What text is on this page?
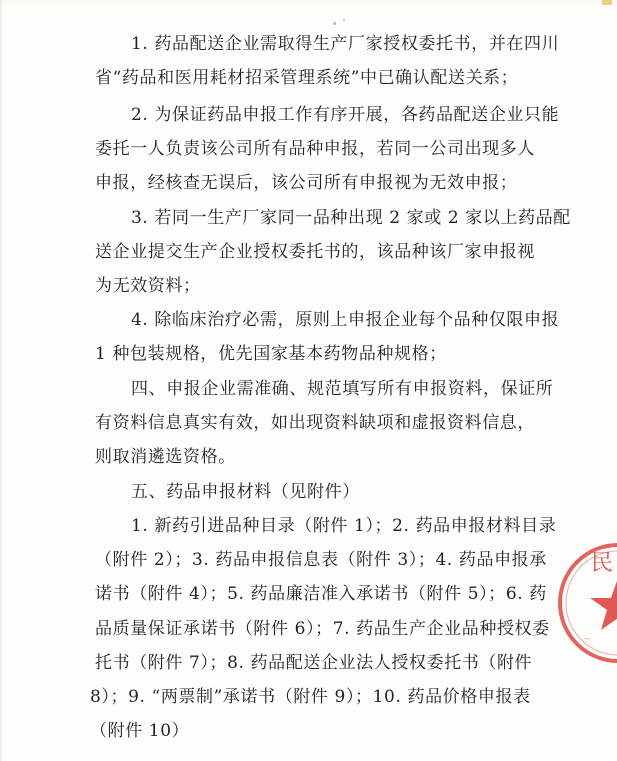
1. 药品配送企业需取得生产厂家授权委托书，并在四川
省“药品和医用耗材招采管理系统”中已确认配送关系；
2. 为保证药品申报工作有序开展，各药品配送企业只能
委托一人负责该公司所有品种申报，若同一公司出现多人
申报，经核查无误后，该公司所有申报视为无效申报；
3. 若同一生产厂家同一品种出现 2 家或 2 家以上药品配
送企业提交生产企业授权委托书的，该品种该厂家申报视
为无效资料；
4. 除临床治疗必需，原则上申报企业每个品种仅限申报
1 种包装规格，优先国家基本药物品种规格；
四、申报企业需准确、规范填写所有申报资料，保证所
有资料信息真实有效，如出现资料缺项和虚报资料信息，
则取消遴选资格。
五、药品申报材料（见附件）
1. 新药引进品种目录（附件 1）；2. 药品申报材料目录
（附件 2）；3. 药品申报信息表（附件 3）；4. 药品申报承
诺书（附件 4）；5. 药品廉洁准入承诺书（附件 5）；6. 药
品质量保证承诺书（附件 6）；7. 药品生产企业品种授权委
托书（附件 7）；8. 药品配送企业法人授权委托书（附件
8）；9. “两票制”承诺书（附件 9）；10. 药品价格申报表
（附件 10）
民
~
